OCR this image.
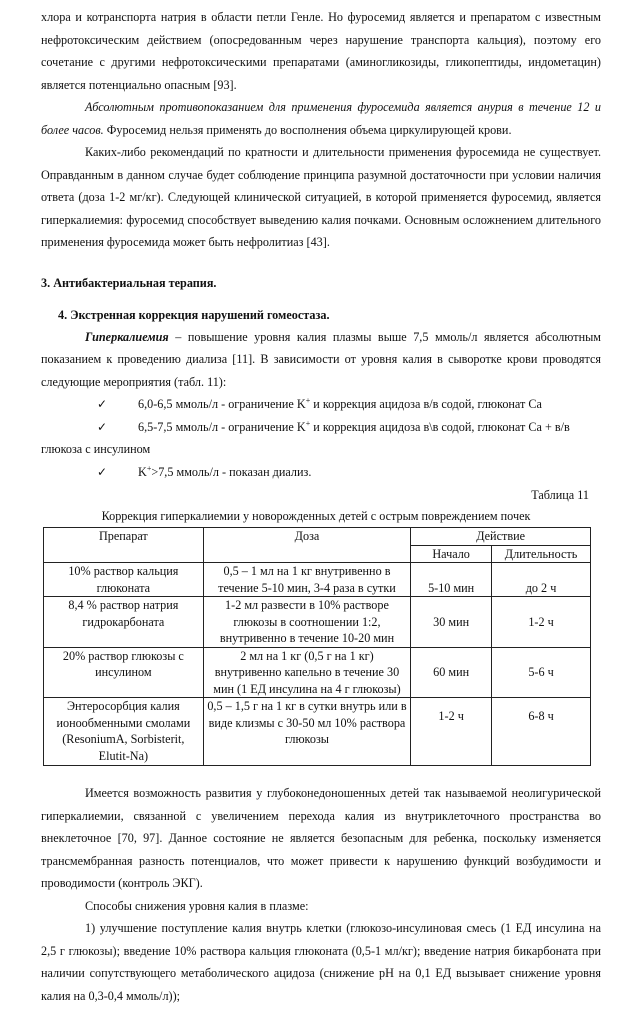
хлора и котранспорта натрия в области петли Генле. Но фуросемид является и препаратом с известным нефротоксическим действием (опосредованным через нарушение транспорта кальция), поэтому его сочетание с другими нефротоксическими препаратами (аминогликозиды, гликопептиды, индометацин) является потенциально опасным [93].

Абсолютным противопоказанием для применения фуросемида является анурия в течение 12 и более часов. Фуросемид нельзя применять до восполнения объема циркулирующей крови.

Каких-либо рекомендаций по кратности и длительности применения фуросемида не существует. Оправданным в данном случае будет соблюдение принципа разумной достаточности при условии наличия ответа (доза 1-2 мг/кг). Следующей клинической ситуацией, в которой применяется фуросемид, является гиперкалиемия: фуросемид способствует выведению калия почками. Основным осложнением длительного применения фуросемида может быть нефролитиаз [43].

3. Антибактериальная терапия.
4. Экстренная коррекция нарушений гомеостаза.

Гиперкалиемия – повышение уровня калия плазмы выше 7,5 ммоль/л является абсолютным показанием к проведению диализа [11]. В зависимости от уровня калия в сыворотке крови проводятся следующие мероприятия (табл. 11):

✓	6,0-6,5 ммоль/л - ограничение K+ и коррекция ацидоза в/в содой, глюконат Ca
✓	6,5-7,5 ммоль/л - ограничение K+ и коррекция ацидоза в\в содой, глюконат Ca + в/в

глюкоза с инсулином

✓	K+>7,5 ммоль/л - показан диализ.
Таблица 11
Коррекция гиперкалиемии у новорожденных детей с острым повреждением почек
Препарат	Доза	Действие	
		Начало	Длительность
10% раствор кальция глюконата	0,5 – 1 мл на 1 кг внутривенно в течение 5-10 мин, 3-4 раза в сутки	5-10 мин	до 2 ч
8,4 % раствор натрия гидрокарбоната	1-2 мл развести в 10% растворе глюкозы в соотношении 1:2, внутривенно в течение 10-20 мин	30 мин	1-2 ч
20% раствор глюкозы с инсулином	2 мл на 1 кг (0,5 г на 1 кг) внутривенно капельно в течение 30 мин (1 ЕД инсулина на 4 г глюкозы)	60 мин	5-6 ч
Энтеросорбция калия ионообменными смолами (ResoniumA, Sorbisterit, Elutit-Na)	0,5 – 1,5 г на 1 кг в сутки внутрь или в виде клизмы с 30-50 мл 10% раствора глюкозы	1-2 ч	6-8 ч

Имеется возможность развития у глубоконедоношенных детей так называемой неолигурической гиперкалиемии, связанной с увеличением перехода калия из внутриклеточного пространства во внеклеточное [70, 97]. Данное состояние не является безопасным для ребенка, поскольку изменяется трансмембранная разность потенциалов, что может привести к нарушению функций возбудимости и проводимости (контроль ЭКГ).

Способы снижения уровня калия в плазме:

1) улучшение поступление калия внутрь клетки (глюкозо-инсулиновая смесь (1 ЕД инсулина на 2,5 г глюкозы); введение 10% раствора кальция глюконата (0,5-1 мл/кг); введение натрия бикарбоната при наличии сопутствующего метаболического ацидоза (снижение pH на 0,1 ЕД вызывает снижение уровня калия на 0,3-0,4 ммоль/л));
